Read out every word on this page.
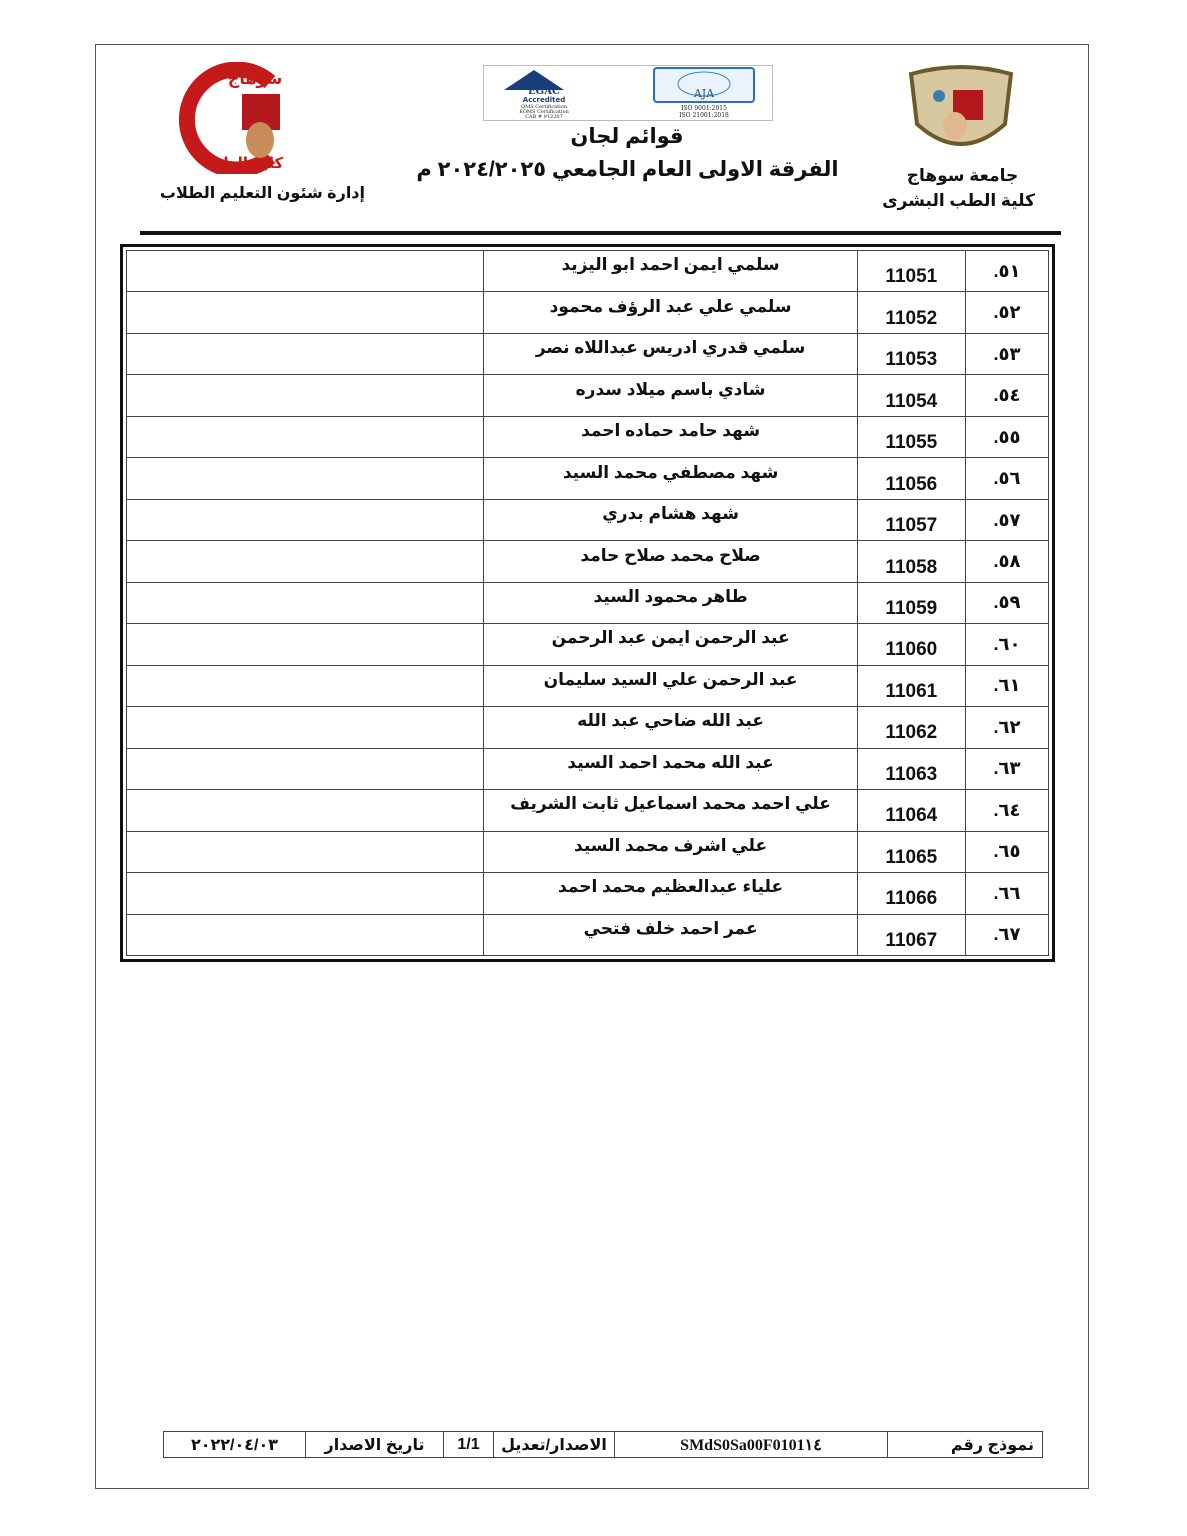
سوهاج
كلية الطب
إدارة شئون التعليم الطلاب
EGAC
Accredited
QMS Certification
EOMS Certification
CAB # 912207
AJA
ISO 9001:2015
ISO 21001:2018
قوائم لجان
الفرقة الاولى العام الجامعي ٢٠٢٤/٢٠٢٥ م	جامعة سوهاج
كلية الطب البشرى
	سلمي ايمن احمد ابو اليزيد	11051	٥١.
	سلمي علي عبد الرؤف محمود	11052	٥٢.
	سلمي قدري ادريس عبداللاه نصر	11053	٥٣.
	شادي باسم ميلاد سدره	11054	٥٤.
	شهد حامد حماده احمد	11055	٥٥.
	شهد مصطفي محمد السيد	11056	٥٦.
	شهد هشام بدري	11057	٥٧.
	صلاح محمد صلاح حامد	11058	٥٨.
	طاهر محمود السيد	11059	٥٩.
	عبد الرحمن ايمن عبد الرحمن	11060	٦٠.
	عبد الرحمن علي السيد سليمان	11061	٦١.
	عبد الله ضاحي عبد الله	11062	٦٢.
	عبد الله محمد احمد السيد	11063	٦٣.
	علي احمد محمد اسماعيل ثابت الشريف	11064	٦٤.
	علي اشرف محمد السيد	11065	٦٥.
	علياء عبدالعظيم محمد احمد	11066	٦٦.
	عمر احمد خلف فتحي	11067	٦٧.
٢٠٢٢/٠٤/٠٣	تاريخ الاصدار	1/1	الاصدار/تعديل	SMdS0Sa00F0101١٤	نموذج رقم
